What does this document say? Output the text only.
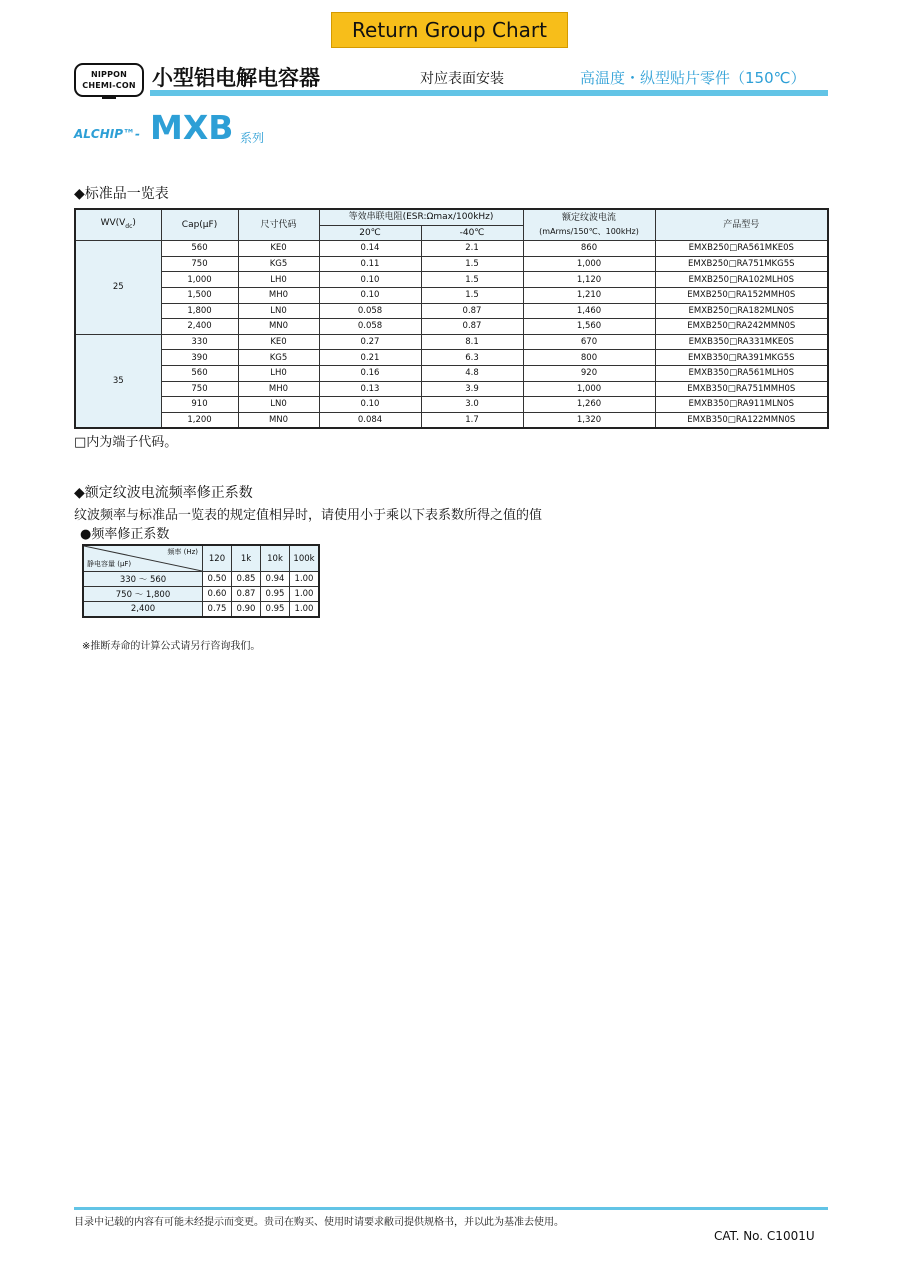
Return Group Chart
NIPPON
CHEMI-CON 小型铝电解电容器	对应表面安装	高温度・纵型贴片零件（150℃）
ALCHIP™- MXB 系列
◆标准品一览表
$WV(V_{dc})$	Cap(μF)	尺寸代码	等效串联电阻(ESR:Ωmax/100kHz)		额定纹波电流
(mArms/150℃、100kHz)	产品型号
			20℃	-40℃		
25	560	KE0	0.14	2.1	860	EMXB250□RA561MKE0S
	750	KG5	0.11	1.5	1,000	EMXB250□RA751MKG5S
	1,000	LH0	0.10	1.5	1,120	EMXB250□RA102MLH0S
	1,500	MH0	0.10	1.5	1,210	EMXB250□RA152MMH0S
	1,800	LN0	0.058	0.87	1,460	EMXB250□RA182MLN0S
	2,400	MN0	0.058	0.87	1,560	EMXB250□RA242MMN0S
35	330	KE0	0.27	8.1	670	EMXB350□RA331MKE0S
	390	KG5	0.21	6.3	800	EMXB350□RA391MKG5S
	560	LH0	0.16	4.8	920	EMXB350□RA561MLH0S
	750	MH0	0.13	3.9	1,000	EMXB350□RA751MMH0S
	910	LN0	0.10	3.0	1,260	EMXB350□RA911MLN0S
	1,200	MN0	0.084	1.7	1,320	EMXB350□RA122MMN0S
□内为端子代码。
◆额定纹波电流频率修正系数
纹波频率与标准品一览表的规定值相异时，请使用小于乘以下表系数所得之值的值
●频率修正系数
频率 (Hz)
静电容量 (μF)	120	1k	10k	100k
330 ～ 560	0.50	0.85	0.94	1.00
750 ～ 1,800	0.60	0.87	0.95	1.00
2,400	0.75	0.90	0.95	1.00
※推断寿命的计算公式请另行咨询我们。
目录中记载的内容有可能未经提示而变更。贵司在购买、使用时请要求敝司提供规格书，并以此为基准去使用。
CAT. No. C1001U
